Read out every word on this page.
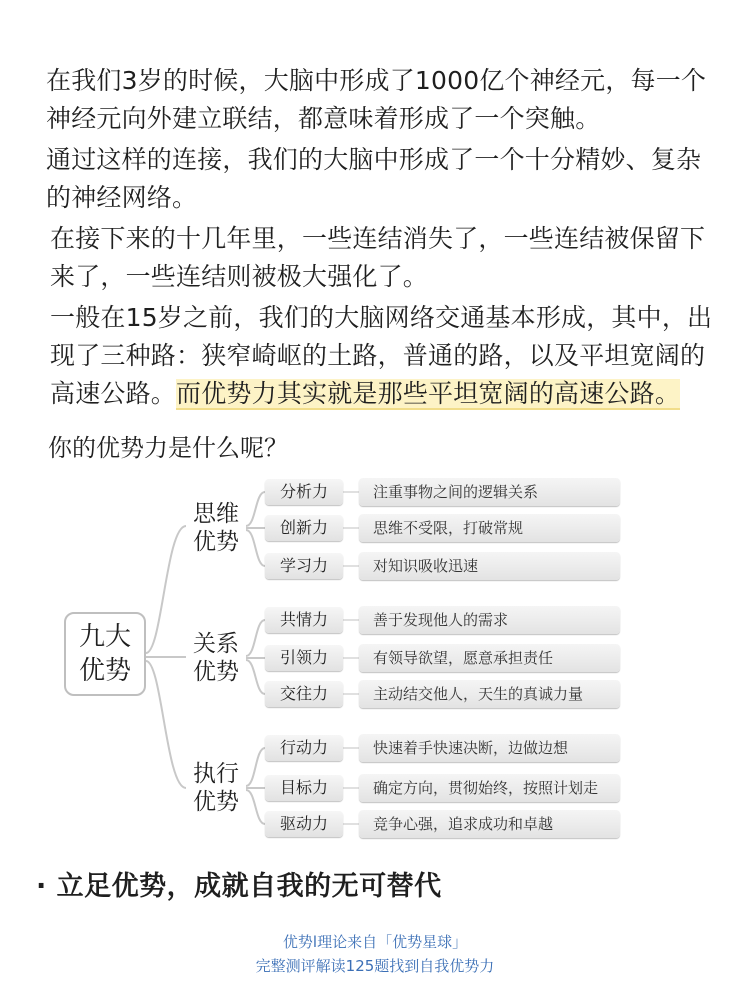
在我们3岁的时候，大脑中形成了1000亿个神经元，每一个神经元向外建立联结，都意味着形成了一个突触。

通过这样的连接，我们的大脑中形成了一个十分精妙、复杂的神经网络。

在接下来的十几年里，一些连结消失了，一些连结被保留下来了，一些连结则被极大强化了。

一般在15岁之前，我们的大脑网络交通基本形成，其中，出现了三种路：狭窄崎岖的土路，普通的路，以及平坦宽阔的高速公路。而优势力其实就是那些平坦宽阔的高速公路。

你的优势力是什么呢？
九大
优势
思维
优势
关系
优势
执行
优势
分析力	注重事物之间的逻辑关系
创新力	思维不受限，打破常规
学习力	对知识吸收迅速
共情力	善于发现他人的需求
引领力	有领导欲望，愿意承担责任
交往力	主动结交他人，天生的真诚力量
行动力	快速着手快速决断，边做边想
目标力	确定方向，贯彻始终，按照计划走
驱动力	竞争心强，追求成功和卓越

· 立足优势，成就自我的无可替代

优势l理论来自「优势星球」

完整测评解读125题找到自我优势力
